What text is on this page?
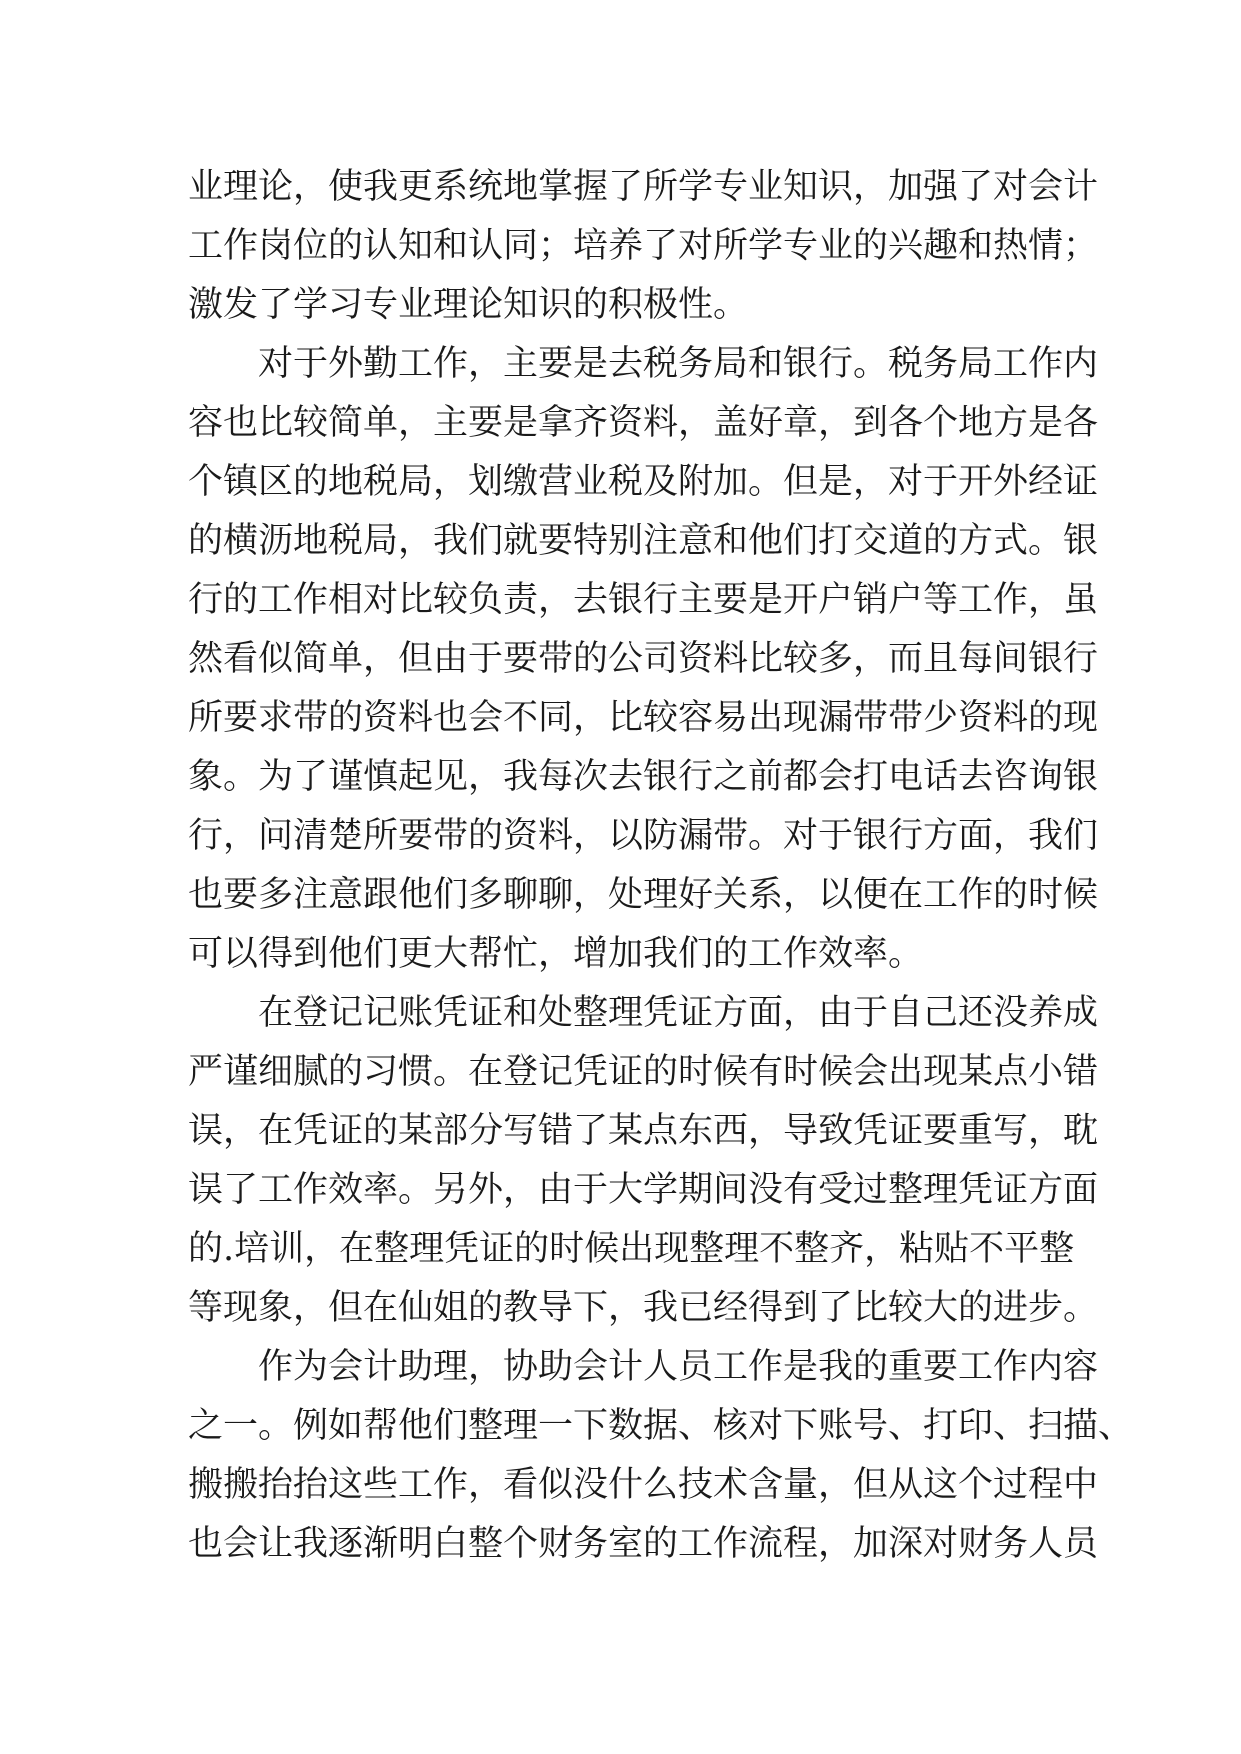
业理论，使我更系统地掌握了所学专业知识，加强了对会计
工作岗位的认知和认同；培养了对所学专业的兴趣和热情；
激发了学习专业理论知识的积极性。
对于外勤工作，主要是去税务局和银行。税务局工作内
容也比较简单，主要是拿齐资料，盖好章，到各个地方是各
个镇区的地税局，划缴营业税及附加。但是，对于开外经证
的横沥地税局，我们就要特别注意和他们打交道的方式。银
行的工作相对比较负责，去银行主要是开户销户等工作，虽
然看似简单，但由于要带的公司资料比较多，而且每间银行
所要求带的资料也会不同，比较容易出现漏带带少资料的现
象。为了谨慎起见，我每次去银行之前都会打电话去咨询银
行，问清楚所要带的资料，以防漏带。对于银行方面，我们
也要多注意跟他们多聊聊，处理好关系，以便在工作的时候
可以得到他们更大帮忙，增加我们的工作效率。
在登记记账凭证和处整理凭证方面，由于自己还没养成
严谨细腻的习惯。在登记凭证的时候有时候会出现某点小错
误，在凭证的某部分写错了某点东西，导致凭证要重写，耽
误了工作效率。另外，由于大学期间没有受过整理凭证方面
的.培训，在整理凭证的时候出现整理不整齐，粘贴不平整
等现象，但在仙姐的教导下，我已经得到了比较大的进步。
作为会计助理，协助会计人员工作是我的重要工作内容
之一。例如帮他们整理一下数据、核对下账号、打印、扫描、
搬搬抬抬这些工作，看似没什么技术含量，但从这个过程中
也会让我逐渐明白整个财务室的工作流程，加深对财务人员
